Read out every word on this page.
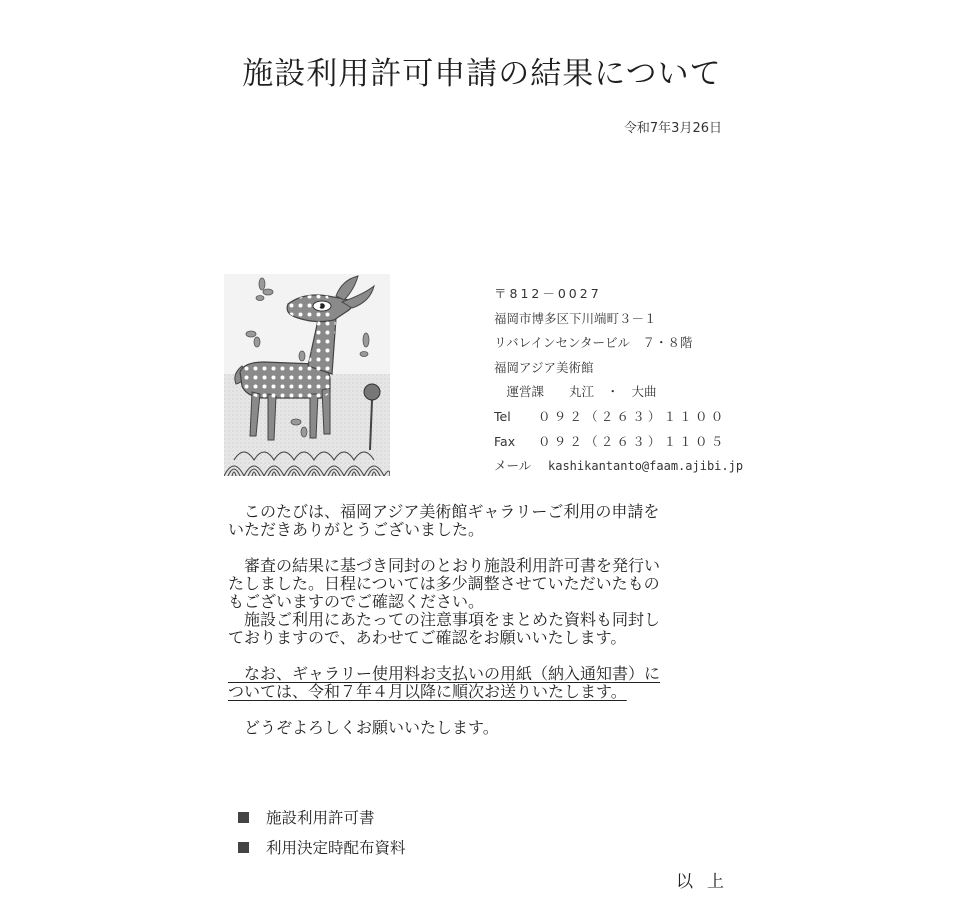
施設利用許可申請の結果について
令和7年3月26日
〒812－0027
福岡市博多区下川端町３－１
リバレインセンタービル　７・８階
福岡アジア美術館
　運営課　　丸江　・　大曲
Tel ０９２（２６３）１１００
Fax ０９２（２６３）１１０５
メール kashikantanto@faam.ajibi.jp

　このたびは、福岡アジア美術館ギャラリーご利用の申請を
いただきありがとうございました。

　審査の結果に基づき同封のとおり施設利用許可書を発行い
たしました。日程については多少調整させていただいたもの
もございますのでご確認ください。
　施設ご利用にあたっての注意事項をまとめた資料も同封し
ておりますので、あわせてご確認をお願いいたします。

　なお、ギャラリー使用料お支払いの用紙（納入通知書）に
ついては、令和７年４月以降に順次お送りいたします。

　どうぞよろしくお願いいたします。

施設利用許可書
利用決定時配布資料
以上
